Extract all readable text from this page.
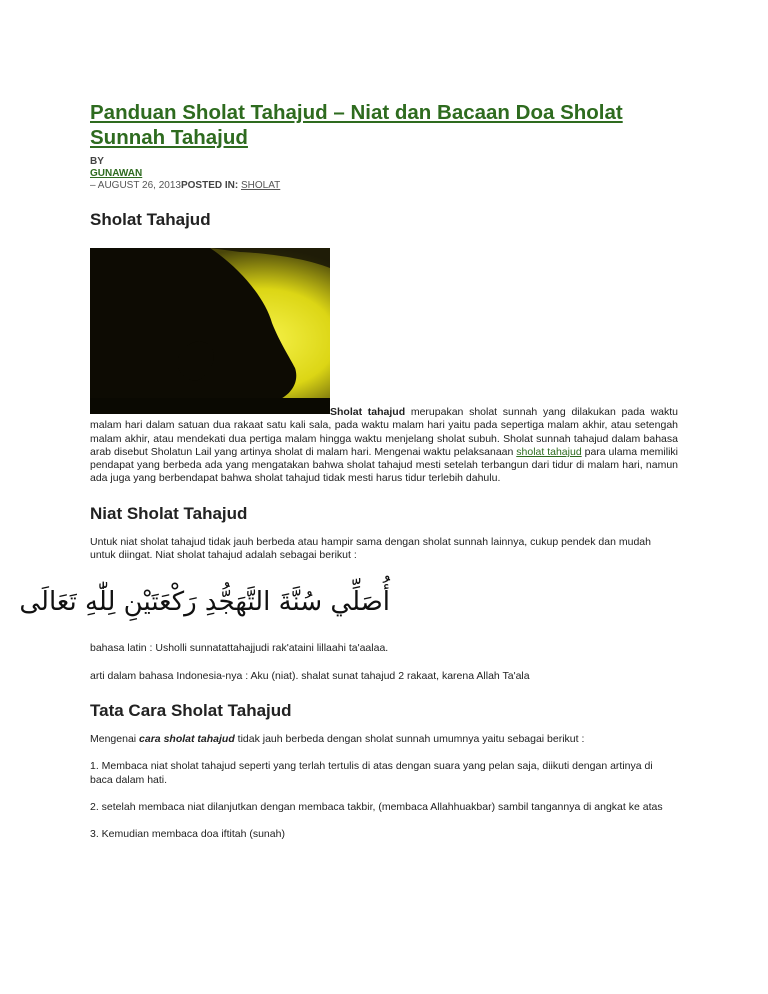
Panduan Sholat Tahajud – Niat dan Bacaan Doa Sholat Sunnah Tahajud
BY
GUNAWAN
– AUGUST 26, 2013POSTED IN: SHOLAT
Sholat Tahajud

Sholat tahajud merupakan sholat sunnah yang dilakukan pada waktu malam hari dalam satuan dua rakaat satu kali sala, pada waktu malam hari yaitu pada sepertiga malam akhir, atau setengah malam akhir, atau mendekati dua pertiga malam hingga waktu menjelang sholat subuh. Sholat sunnah tahajud dalam bahasa arab disebut Sholatun Lail yang artinya sholat di malam hari. Mengenai waktu pelaksanaan sholat tahajud para ulama memiliki pendapat yang berbeda ada yang mengatakan bahwa sholat tahajud mesti setelah terbangun dari tidur di malam hari, namun ada juga yang berbendapat bahwa sholat tahajud tidak mesti harus tidur terlebih dahulu.

Niat Sholat Tahajud

Untuk niat sholat tahajud tidak jauh berbeda atau hampir sama dengan sholat sunnah lainnya, cukup pendek dan mudah untuk diingat. Niat sholat tahajud adalah sebagai berikut :

أُصَلِّي سُنَّةَ التَّهَجُّدِ رَكْعَتَيْنِ لِلّٰهِ تَعَالَى

bahasa latin : Usholli sunnatattahajjudi rak'ataini lillaahi ta'aalaa.

arti dalam bahasa Indonesia-nya : Aku (niat). shalat sunat tahajud 2 rakaat, karena Allah Ta'ala

Tata Cara Sholat Tahajud

Mengenai cara sholat tahajud tidak jauh berbeda dengan sholat sunnah umumnya yaitu sebagai berikut :

1. Membaca niat sholat tahajud seperti yang terlah tertulis di atas dengan suara yang pelan saja, diikuti dengan artinya di baca dalam hati.

2. setelah membaca niat dilanjutkan dengan membaca takbir, (membaca Allahhuakbar) sambil tangannya di angkat ke atas

3. Kemudian membaca doa iftitah (sunah)
